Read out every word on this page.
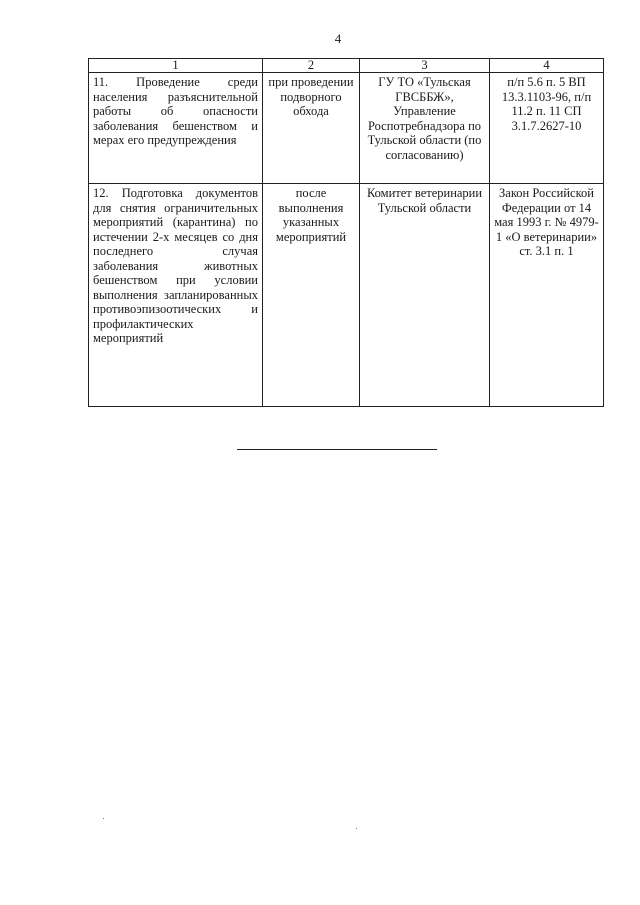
4
1	2	3	4
11. Проведение среди населения разъяснительной работы об опасности заболевания бешенством и мерах его предупреждения	при проведении подворного обхода	ГУ ТО «Тульская ГВСББЖ», Управление Роспотребнадзора по Тульской области (по согласованию)	п/п 5.6 п. 5 ВП 13.3.1103-96, п/п 11.2 п. 11 СП 3.1.7.2627-10
12. Подготовка документов для снятия ограничительных мероприятий (карантина) по истечении 2-х месяцев со дня последнего случая заболевания животных бешенством при условии выполнения запланированных противоэпизоотических и профилактических мероприятий	после выполнения указанных мероприятий	Комитет ветеринарии Тульской области	Закон Российской Федерации от 14 мая 1993 г. № 4979-1 «О ветеринарии» ст. 3.1 п. 1
